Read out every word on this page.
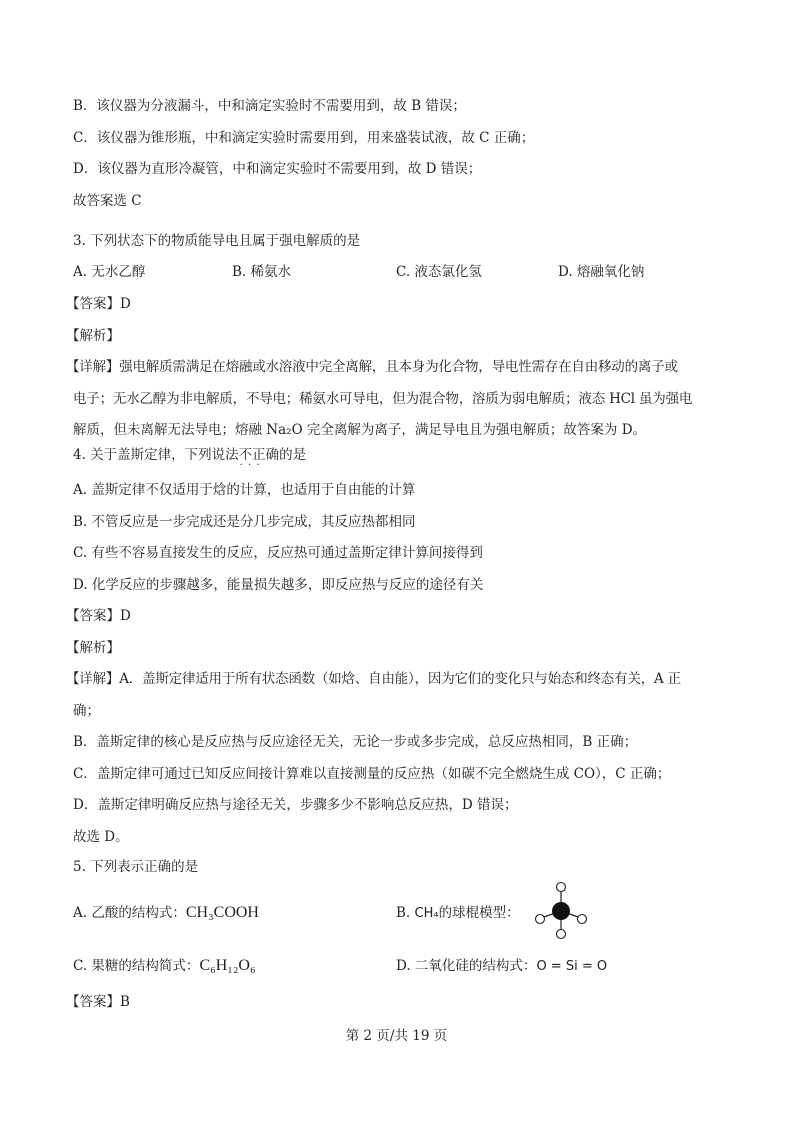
B．该仪器为分液漏斗，中和滴定实验时不需要用到，故 B 错误；
C．该仪器为锥形瓶，中和滴定实验时需要用到，用来盛装试液，故 C 正确；
D．该仪器为直形冷凝管，中和滴定实验时不需要用到，故 D 错误；
故答案选 C
3. 下列状态下的物质能导电且属于强电解质的是
A. 无水乙醇	B. 稀氨水	C. 液态氯化氢	D. 熔融氧化钠
【答案】D
【解析】
【详解】强电解质需满足在熔融或水溶液中完全离解，且本身为化合物，导电性需存在自由移动的离子或
电子；无水乙醇为非电解质，不导电；稀氨水可导电，但为混合物，溶质为弱电解质；液态 HCl 虽为强电
解质，但未离解无法导电；熔融 Na₂O 完全离解为离子，满足导电且为强电解质；故答案为 D。
4. 关于盖斯定律，下列说法不正确 · · ·的是
A. 盖斯定律不仅适用于焓的计算，也适用于自由能的计算
B. 不管反应是一步完成还是分几步完成，其反应热都相同
C. 有些不容易直接发生的反应，反应热可通过盖斯定律计算间接得到
D. 化学反应的步骤越多，能量损失越多，即反应热与反应的途径有关
【答案】D
【解析】
【详解】A．盖斯定律适用于所有状态函数（如焓、自由能），因为它们的变化只与始态和终态有关，A 正
确；
B．盖斯定律的核心是反应热与反应途径无关，无论一步或多步完成，总反应热相同，B 正确；
C．盖斯定律可通过已知反应间接计算难以直接测量的反应热（如碳不完全燃烧生成 CO），C 正确；
D．盖斯定律明确反应热与途径无关，步骤多少不影响总反应热，D 错误；
故选 D。
5. 下列表示正确的是
A. 乙酸的结构式：CH₃COOH	B. CH₄的球棍模型：
C. 果糖的结构简式：C₆H₁₂O₆	D. 二氧化硅的结构式：O = Si = O
【答案】B
第 2 页/共 19 页
